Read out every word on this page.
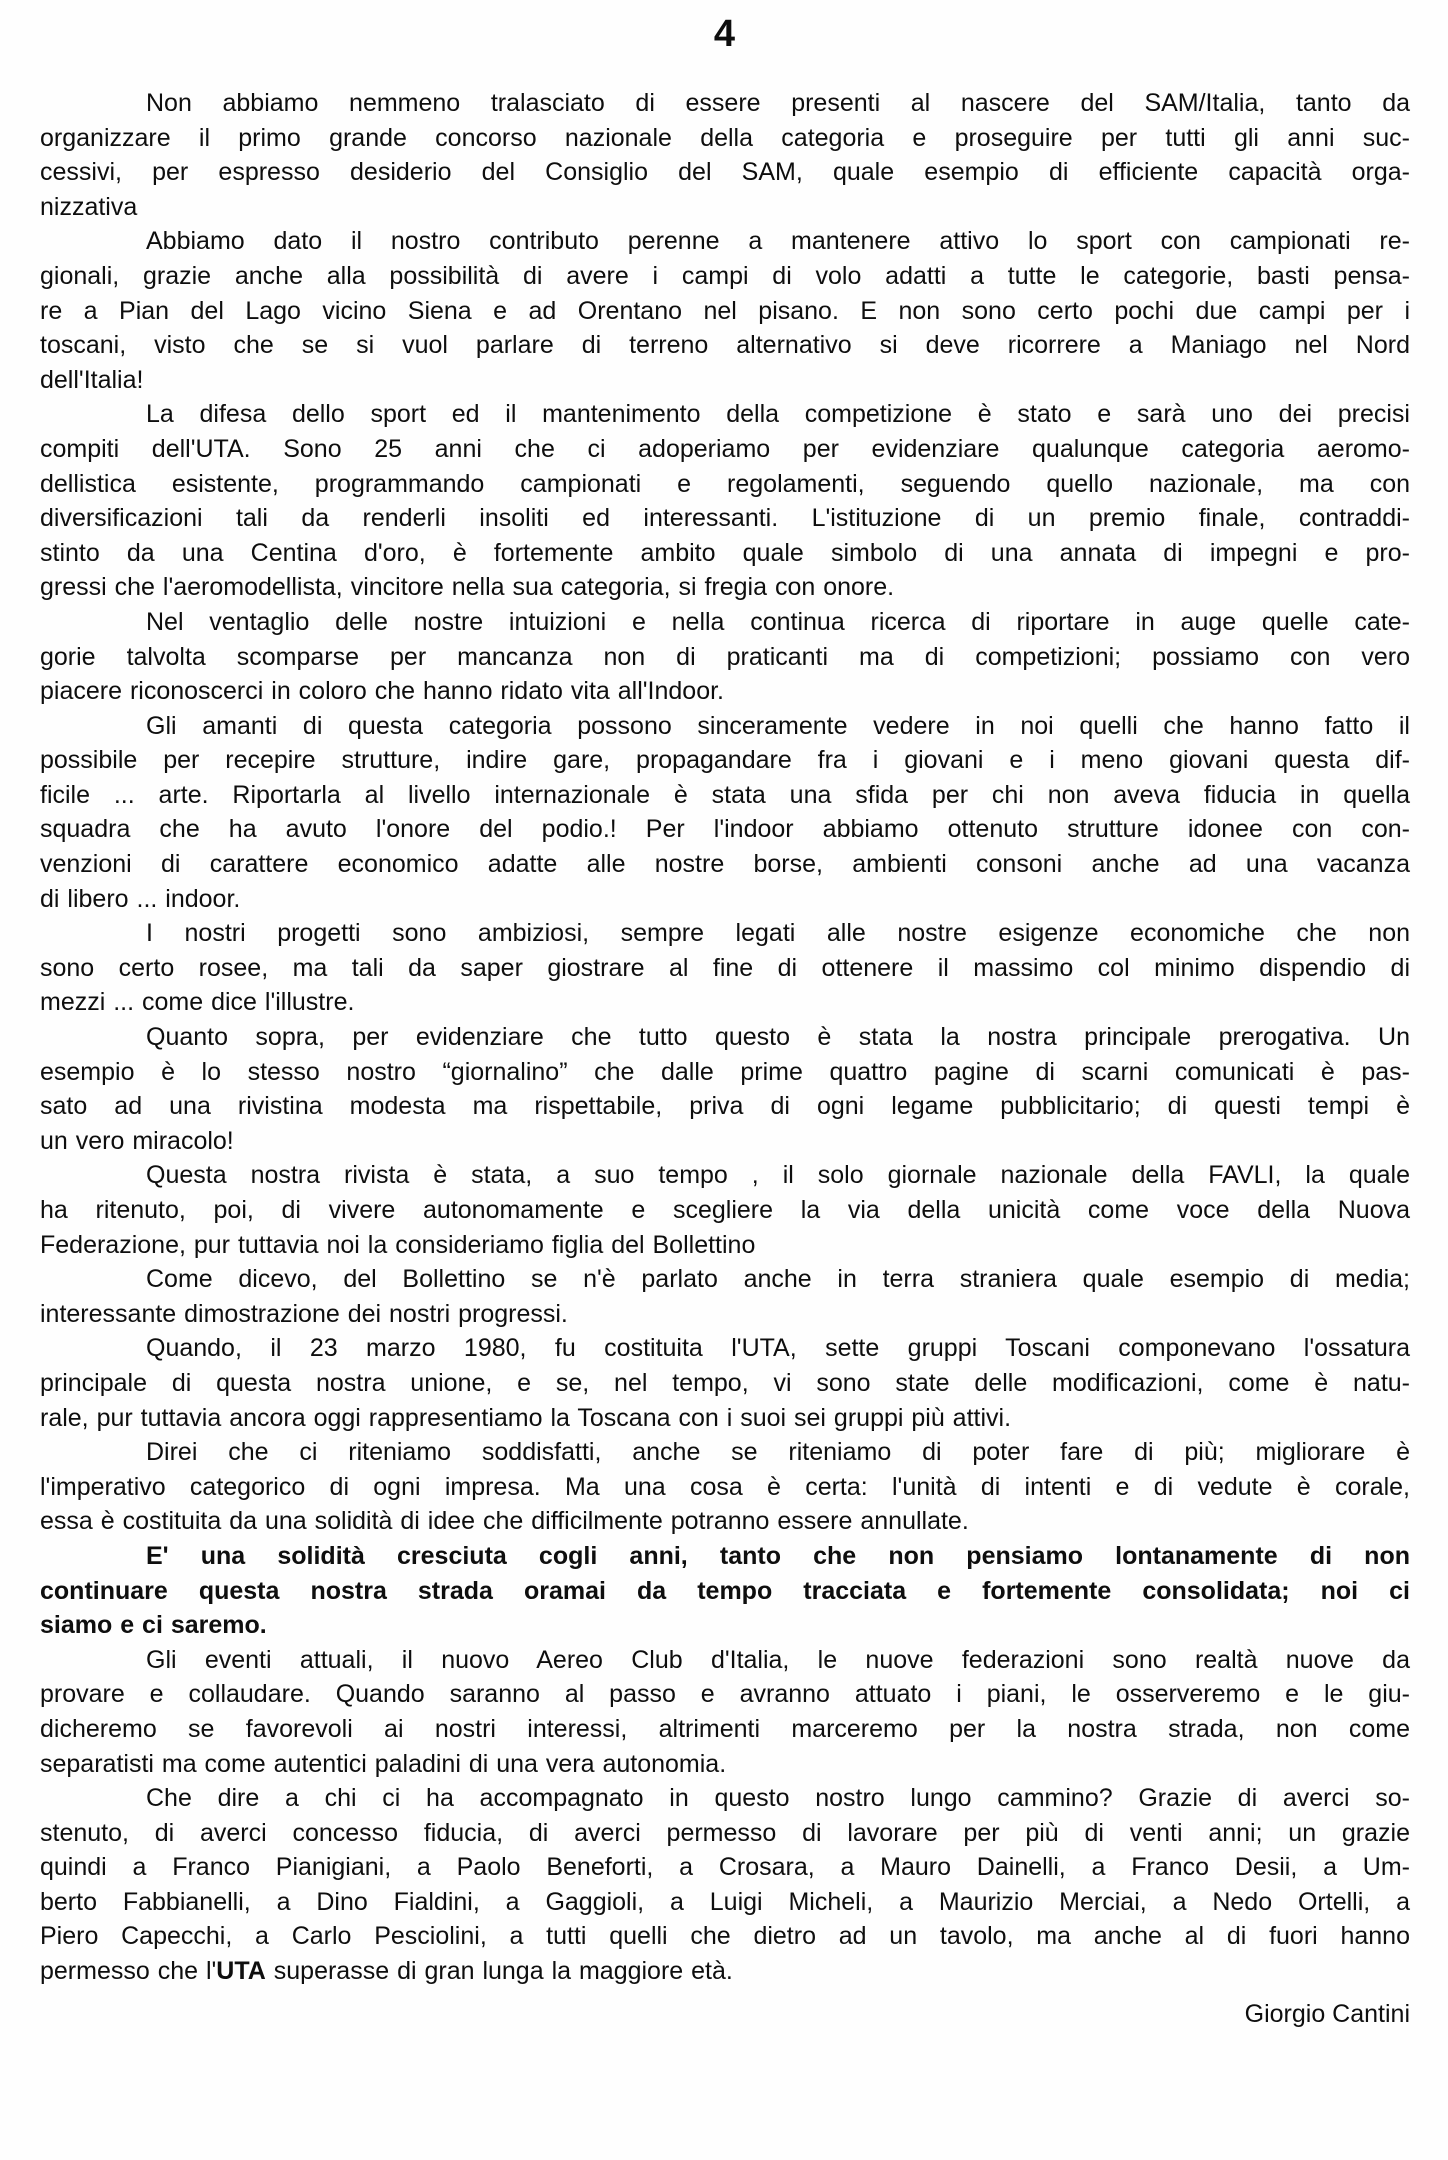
4
Non abbiamo nemmeno tralasciato di essere presenti al nascere del SAM/Italia, tanto da
organizzare il primo grande concorso nazionale della categoria e proseguire per tutti gli anni suc-
cessivi, per espresso desiderio del Consiglio del SAM, quale esempio di efficiente capacità orga-
nizzativa
Abbiamo dato il nostro contributo perenne a mantenere attivo lo sport con campionati re-
gionali, grazie anche alla possibilità di avere i campi di volo adatti a tutte le categorie, basti pensa-
re a Pian del Lago vicino Siena e ad Orentano nel pisano. E non sono certo pochi due campi per i
toscani, visto che se si vuol parlare di terreno alternativo si deve ricorrere a Maniago nel Nord
dell'Italia!
La difesa dello sport ed il mantenimento della competizione è stato e sarà uno dei precisi
compiti dell'UTA. Sono 25 anni che ci adoperiamo per evidenziare qualunque categoria aeromo-
dellistica esistente, programmando campionati e regolamenti, seguendo quello nazionale, ma con
diversificazioni tali da renderli insoliti ed interessanti. L'istituzione di un premio finale, contraddi-
stinto da una Centina d'oro, è fortemente ambito quale simbolo di una annata di impegni e pro-
gressi che l'aeromodellista, vincitore nella sua categoria, si fregia con onore.
Nel ventaglio delle nostre intuizioni e nella continua ricerca di riportare in auge quelle cate-
gorie talvolta scomparse per mancanza non di praticanti ma di competizioni; possiamo con vero
piacere riconoscerci in coloro che hanno ridato vita all'Indoor.
Gli amanti di questa categoria possono sinceramente vedere in noi quelli che hanno fatto il
possibile per recepire strutture, indire gare, propagandare fra i giovani e i meno giovani questa dif-
ficile ... arte. Riportarla al livello internazionale è stata una sfida per chi non aveva fiducia in quella
squadra che ha avuto l'onore del podio.! Per l'indoor abbiamo ottenuto strutture idonee con con-
venzioni di carattere economico adatte alle nostre borse, ambienti consoni anche ad una vacanza
di libero ... indoor.
I nostri progetti sono ambiziosi, sempre legati alle nostre esigenze economiche che non
sono certo rosee, ma tali da saper giostrare al fine di ottenere il massimo col minimo dispendio di
mezzi ... come dice l'illustre.
Quanto sopra, per evidenziare che tutto questo è stata la nostra principale prerogativa. Un
esempio è lo stesso nostro “giornalino” che dalle prime quattro pagine di scarni comunicati è pas-
sato ad una rivistina modesta ma rispettabile, priva di ogni legame pubblicitario; di questi tempi è
un vero miracolo!
Questa nostra rivista è stata, a suo tempo , il solo giornale nazionale della FAVLI, la quale
ha ritenuto, poi, di vivere autonomamente e scegliere la via della unicità come voce della Nuova
Federazione, pur tuttavia noi la consideriamo figlia del Bollettino
Come dicevo, del Bollettino se n'è parlato anche in terra straniera quale esempio di media;
interessante dimostrazione dei nostri progressi.
Quando, il 23 marzo 1980, fu costituita l'UTA, sette gruppi Toscani componevano l'ossatura
principale di questa nostra unione, e se, nel tempo, vi sono state delle modificazioni, come è natu-
rale, pur tuttavia ancora oggi rappresentiamo la Toscana con i suoi sei gruppi più attivi.
Direi che ci riteniamo soddisfatti, anche se riteniamo di poter fare di più; migliorare è
l'imperativo categorico di ogni impresa. Ma una cosa è certa: l'unità di intenti e di vedute è corale,
essa è costituita da una solidità di idee che difficilmente potranno essere annullate.
E' una solidità cresciuta cogli anni, tanto che non pensiamo lontanamente di non
continuare questa nostra strada oramai da tempo tracciata e fortemente consolidata; noi ci
siamo e ci saremo.
Gli eventi attuali, il nuovo Aereo Club d'Italia, le nuove federazioni sono realtà nuove da
provare e collaudare. Quando saranno al passo e avranno attuato i piani, le osserveremo e le giu-
dicheremo se favorevoli ai nostri interessi, altrimenti marceremo per la nostra strada, non come
separatisti ma come autentici paladini di una vera autonomia.
Che dire a chi ci ha accompagnato in questo nostro lungo cammino? Grazie di averci so-
stenuto, di averci concesso fiducia, di averci permesso di lavorare per più di venti anni; un grazie
quindi a Franco Pianigiani, a Paolo Beneforti, a Crosara, a Mauro Dainelli, a Franco Desii, a Um-
berto Fabbianelli, a Dino Fialdini, a Gaggioli, a Luigi Micheli, a Maurizio Merciai, a Nedo Ortelli, a
Piero Capecchi, a Carlo Pesciolini, a tutti quelli che dietro ad un tavolo, ma anche al di fuori hanno
permesso che l'UTA superasse di gran lunga la maggiore età.
Giorgio Cantini
